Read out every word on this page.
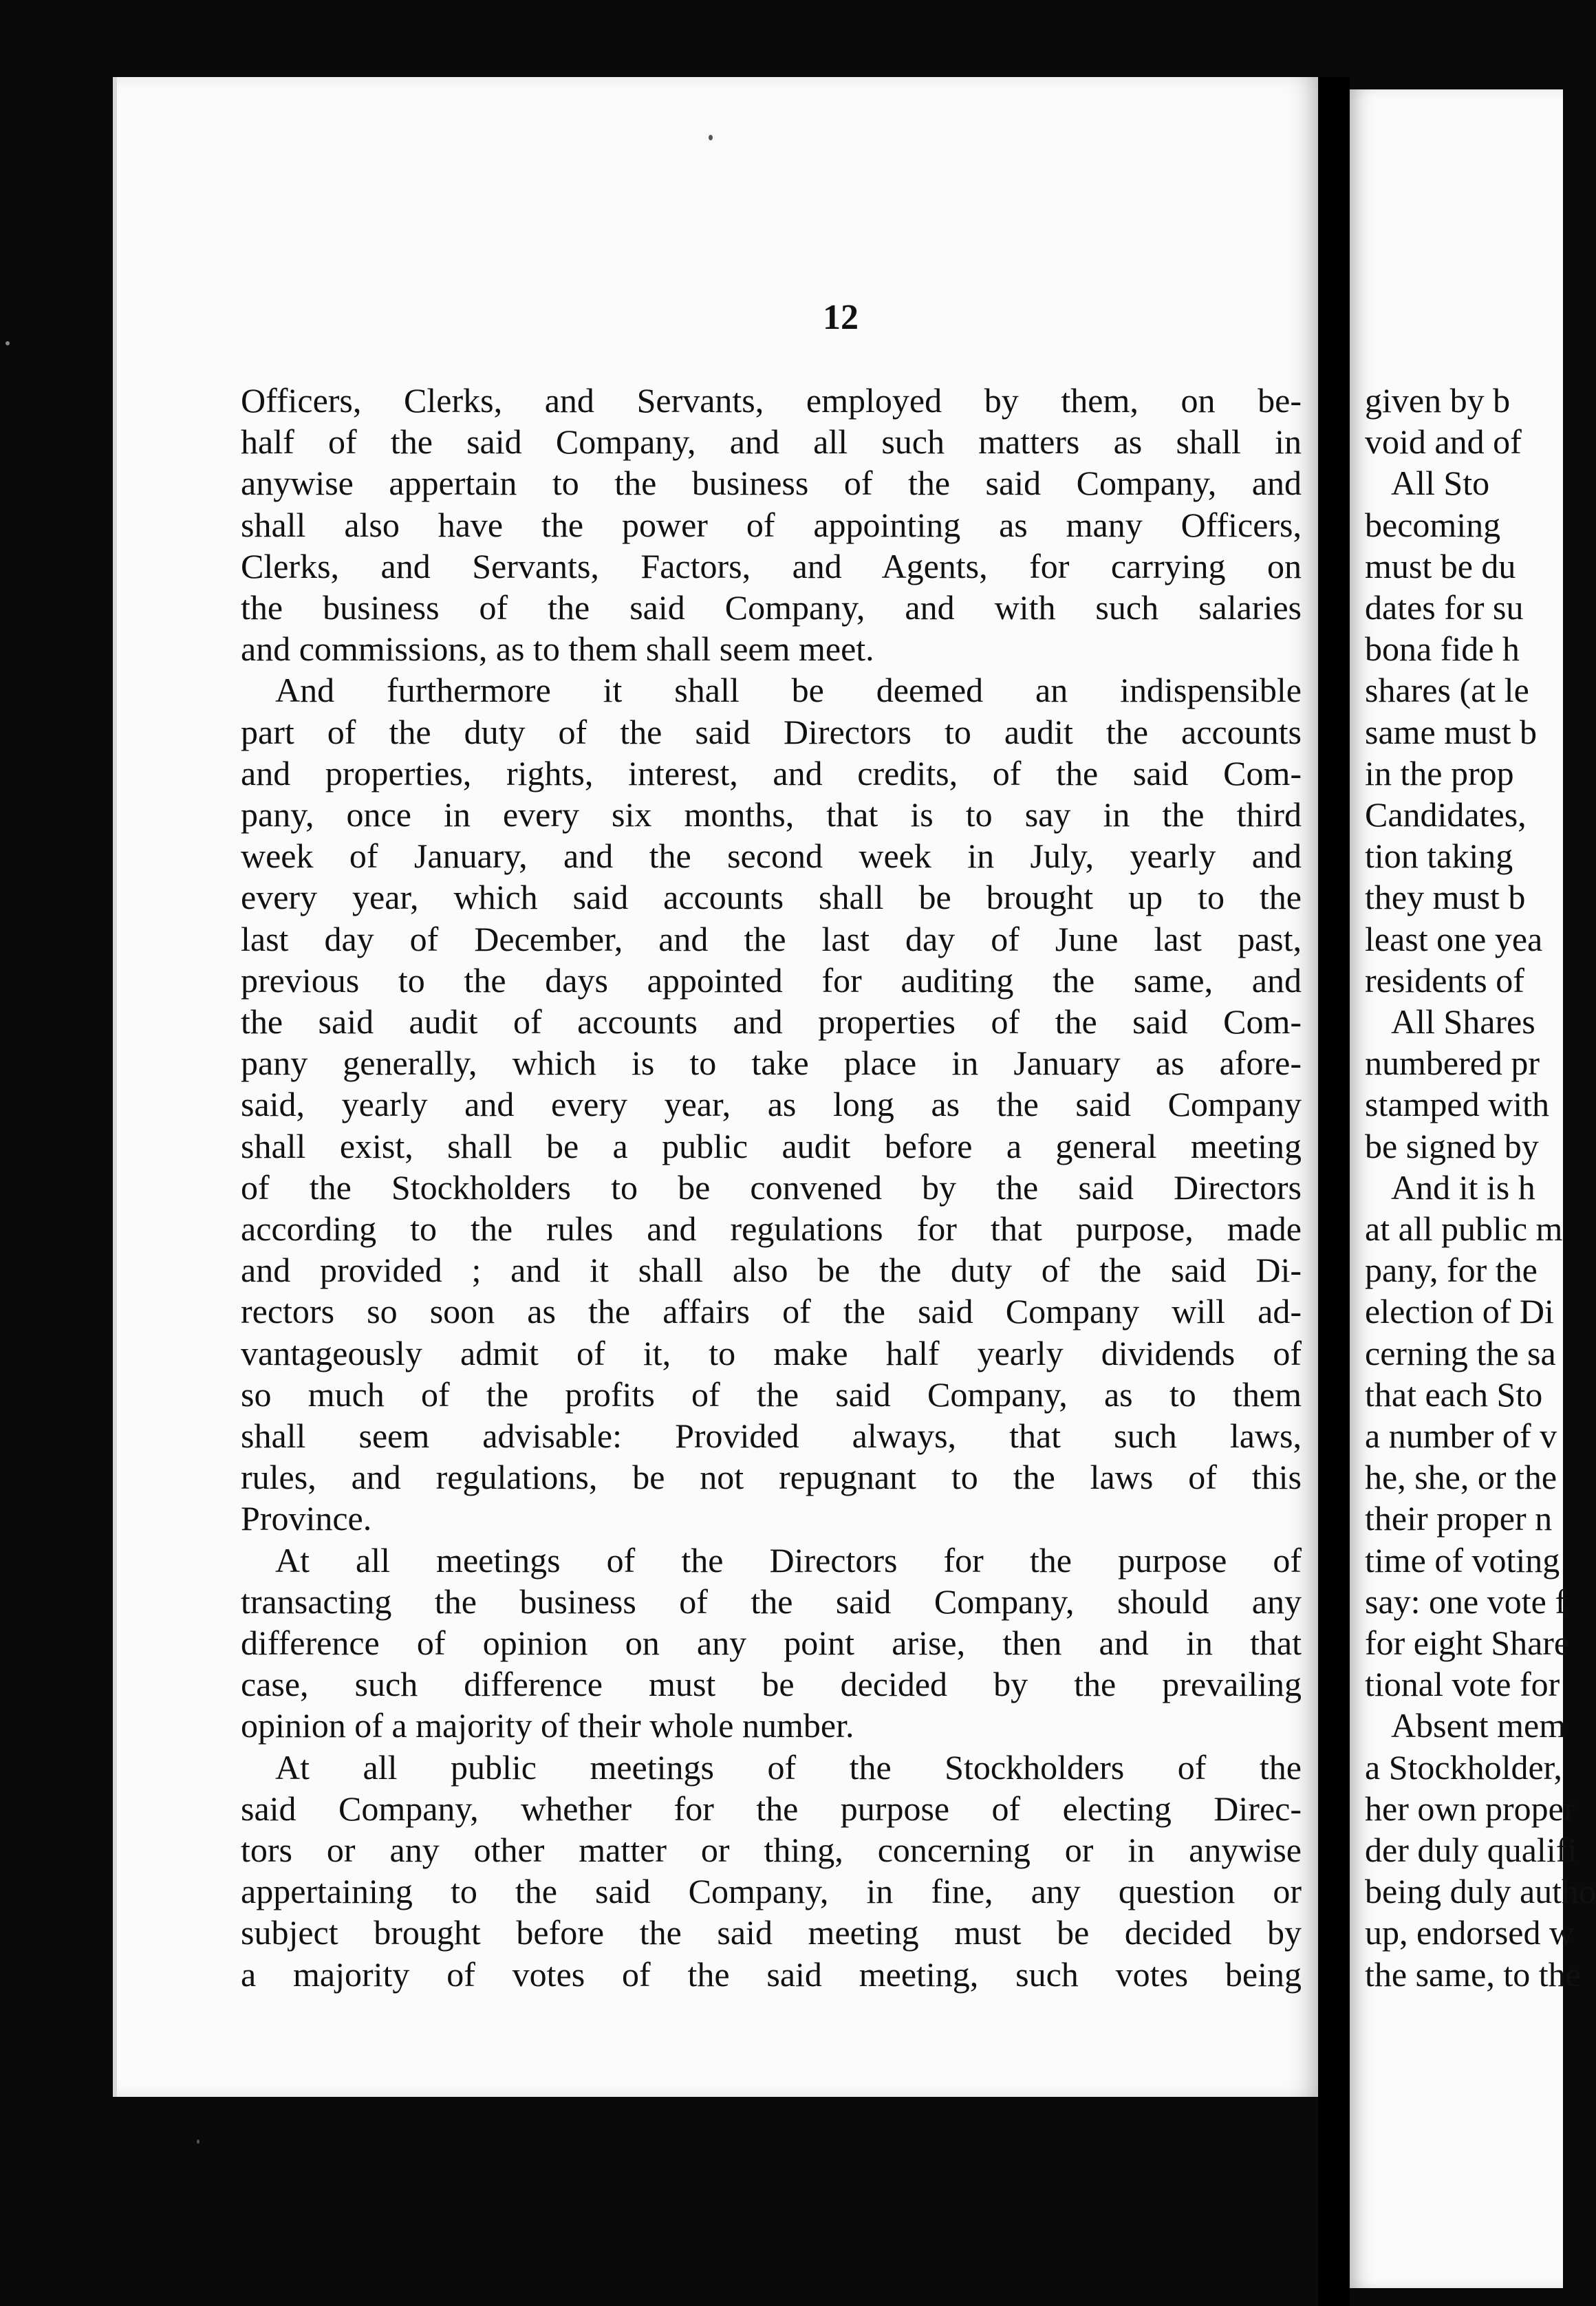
12
Officers, Clerks, and Servants, employed by them, on be-
half of the said Company, and all such matters as shall in
anywise appertain to the business of the said Company, and
shall also have the power of appointing as many Officers,
Clerks, and Servants, Factors, and Agents, for carrying on
the business of the said Company, and with such salaries
and commissions, as to them shall seem meet.
And furthermore it shall be deemed an indispensible
part of the duty of the said Directors to audit the accounts
and properties, rights, interest, and credits, of the said Com-
pany, once in every six months, that is to say in the third
week of January, and the second week in July, yearly and
every year, which said accounts shall be brought up to the
last day of December, and the last day of June last past,
previous to the days appointed for auditing the same, and
the said audit of accounts and properties of the said Com-
pany generally, which is to take place in January as afore-
said, yearly and every year, as long as the said Company
shall exist, shall be a public audit before a general meeting
of the Stockholders to be convened by the said Directors
according to the rules and regulations for that purpose, made
and provided ; and it shall also be the duty of the said Di-
rectors so soon as the affairs of the said Company will ad-
vantageously admit of it, to make half yearly dividends of
so much of the profits of the said Company, as to them
shall seem advisable: Provided always, that such laws,
rules, and regulations, be not repugnant to the laws of this
Province.
At all meetings of the Directors for the purpose of
transacting the business of the said Company, should any
difference of opinion on any point arise, then and in that
case, such difference must be decided by the prevailing
opinion of a majority of their whole number.
At all public meetings of the Stockholders of the
said Company, whether for the purpose of electing Direc-
tors or any other matter or thing, concerning or in anywise
appertaining to the said Company, in fine, any question or
subject brought before the said meeting must be decided by
a majority of votes of the said meeting, such votes being
given by b
void and of
All Sto
becoming
must be du
dates for su
bona fide h
shares (at le
same must b
in the prop
Candidates,
tion taking
they must b
least one yea
residents of
All Shares
numbered pr
stamped with
be signed by
And it is h
at all public m
pany, for the
election of Di
cerning the sa
that each Sto
a number of v
he, she, or the
their proper n
time of voting
say: one vote f
for eight Share
tional vote for
Absent mem
a Stockholder,
her own proper
der duly qualifi
being duly autho
up, endorsed w
the same, to the
